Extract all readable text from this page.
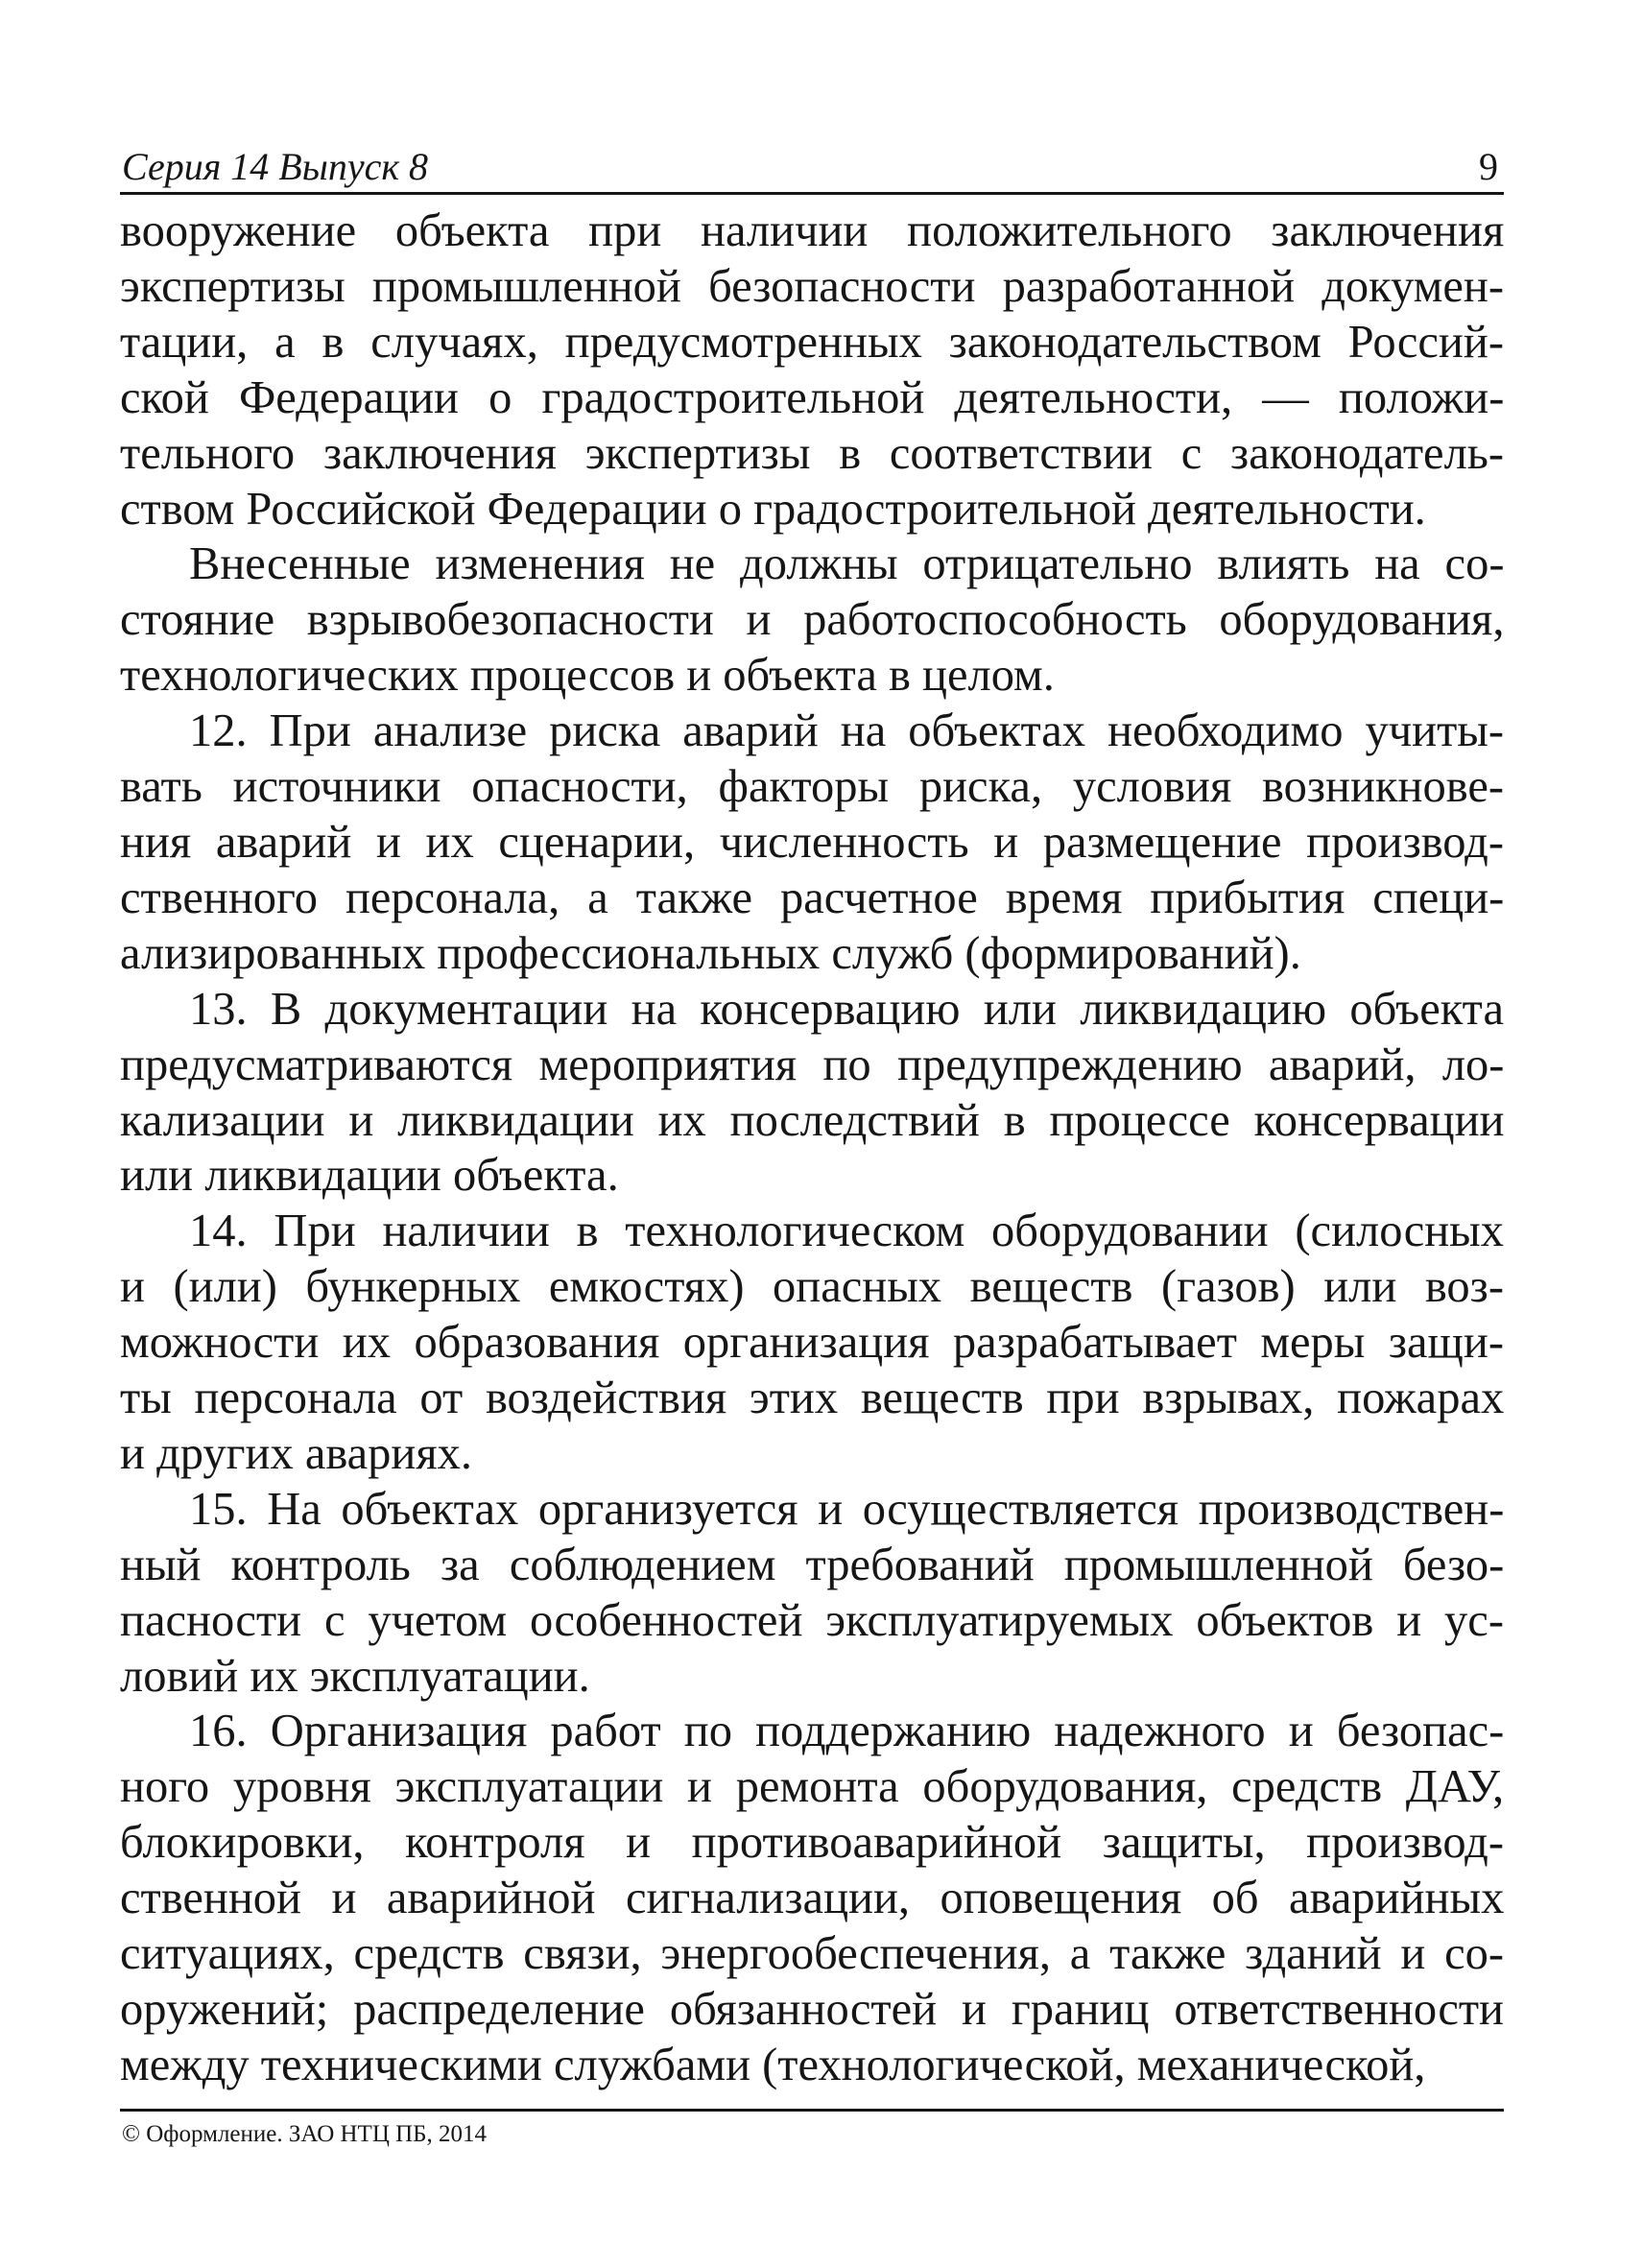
Серия 14 Выпуск 8	9

вооружение объекта при наличии положительного заключения
экспертизы промышленной безопасности разработанной докумен-
тации, а в случаях, предусмотренных законодательством Россий-
ской Федерации о градостроительной деятельности, — положи-
тельного заключения экспертизы в соответствии с законодатель-
ством Российской Федерации о градостроительной деятельности.

Внесенные изменения не должны отрицательно влиять на со-
стояние взрывобезопасности и работоспособность оборудования,
технологических процессов и объекта в целом.

12. При анализе риска аварий на объектах необходимо учиты-
вать источники опасности, факторы риска, условия возникнове-
ния аварий и их сценарии, численность и размещение производ-
ственного персонала, а также расчетное время прибытия специ-
ализированных профессиональных служб (формирований).

13. В документации на консервацию или ликвидацию объекта
предусматриваются мероприятия по предупреждению аварий, ло-
кализации и ликвидации их последствий в процессе консервации
или ликвидации объекта.

14. При наличии в технологическом оборудовании (силосных
и (или) бункерных емкостях) опасных веществ (газов) или воз-
можности их образования организация разрабатывает меры защи-
ты персонала от воздействия этих веществ при взрывах, пожарах
и других авариях.

15. На объектах организуется и осуществляется производствен-
ный контроль за соблюдением требований промышленной безо-
пасности с учетом особенностей эксплуатируемых объектов и ус-
ловий их эксплуатации.

16. Организация работ по поддержанию надежного и безопас-
ного уровня эксплуатации и ремонта оборудования, средств ДАУ,
блокировки, контроля и противоаварийной защиты, производ-
ственной и аварийной сигнализации, оповещения об аварийных
ситуациях, средств связи, энергообеспечения, а также зданий и со-
оружений; распределение обязанностей и границ ответственности
между техническими службами (технологической, механической,

© Оформление. ЗАО НТЦ ПБ, 2014
